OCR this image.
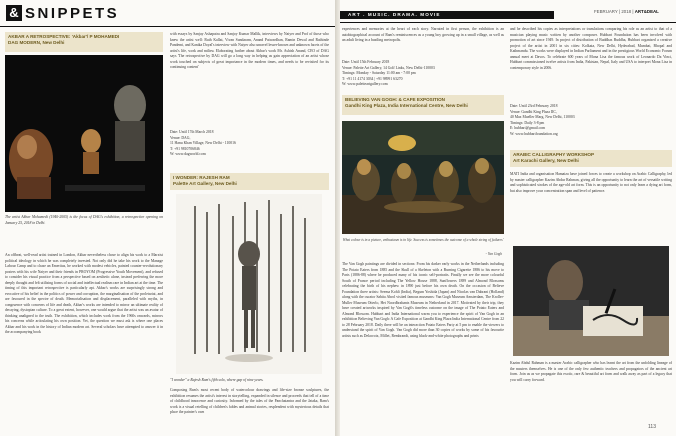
& SNIPPETS
AKBAR A RETROSPECTIVE: 'Akbar'/ P MOHAMEDI
DAG MODERN, New Delhi
The artist Akbar Mohamedi (1940-2005) is the focus of DAG's exhibition, a retrospective opening on January 25, 2018 in Delhi.
An offbeat, well-read artist trained in London, Akbar nevertheless chose to align his work to a Marxist political ideology in which he was completely invested. Not only did he take his work to the Manage Labour Camp and to chase an Emeritus, he worked with modest vehicles, painted counter-revolutionary posters with his wife Naiyer and their friends in PROYOM (Progressive Youth Movement), and refused to consider his visual practice from a perspective based on aesthetic alone, instead preferring the more deeply thought and felt utilising forms of social and intellectual realism rare in Indian art at the time. The timing of this important retrospective is particularly apt. Akbar's works are surprisingly strong and evocative of his belief in the politics of power and corruption, the marginalisation of the proletariat, and are favoured in the spectre of death. Memorialisation and displacement, paralleled with myths, in congruence with concerns of life and death, Akbar's works are intended to mirror an ultimate reality of decaying, dystopian culture. To a great extent, however, one would argue that the artist was an avatar of thinking unaligned to the truth. The exhibition, which includes work from the 1960s onwards, mirrors his concerns while articulating his own position. Yet, the question we must ask is where one places Akbar and his work in the history of Indian modern art. Several scholars have attempted to answer it in the accompanying book
with essays by Sanjay Ashapatra and Sanjoy Kumar Mallik, interviews by Naiyer and Prof of those who knew the artist well: Ruth Kallat, Vivan Sundaram, Anand Patwardhan, Ramin Dewal and Rathinde Pandemi, and Kanika Doyal's interview with Naiyer also unravel lesser-known and unknown facets of the artist's life, work and milieu. Elaborating further about Akbar's work Mr. Ashish Anand, CEO of DAG says 'The retrospective by DAG will go a long way in helping us gain appreciation of an artist whose work touched on subjects of great importance in the modern times, and needs to be revisited for its continuing content'
Date: Until 17th March 2018
Venue: DAG,
11 Hanu Khan Village, New Delhi - 110016
T: +91 9810706846
W: www.dagworld.com
I WONDER: RAJESH RAM
Palette Art Gallery, New Delhi
"I wonder" a Rajesh Ram's fifth solo, where gap of nine years.
Composing Ram's most recent body of watercolour drawings and life-size bronze sculptures, the exhibition resumes the artist's interest in storytelling, expanded in silence and proceeds that tell of a time of childhood innocence and curiosity. Informed by the tales of the Panchatantra and the Jataka, Ram's work is a visual retelling of children's fables and animal stories, resplendent with mysterious details that place the painter's own
ART . MUSIC. DRAMA. MOVIE
FEBRUARY | 2018 | ART&DEAL
experiences and memories at the heart of each story. Narrated in first person, the exhibition is an autobiographical account of Ram's reminiscences as a young boy growing up in a small village, as well as an adult living in a bustling metropolis.
Date: Until 15th February 2018
Venue: Palette Art Gallery, 14 Golf Links, New Delhi-110003
Timings: Monday - Saturday 11:00 am - 7:00 pm
T: +91 11 4174 3034 | +91 98991 63270
W: www.paletteartgallery.com
BELIEVING VAN GOGH: & CAFE EXPOSITION
Gandhi King Plaza, India International Centre, New Delhi
What colour is in a picture, enthusiasm is in life. Success is sometimes the outcome of a whole string of failures'
- Van Gogh
The Van Gogh paintings are divided in sections: From his darker early works in the Netherlands including The Potato Eaters from 1885 and the Skull of a Skeleton with a Burning Cigarette 1886 to his move to Paris (1886-88) where he produced many of his iconic self-portraits. Finally we see the more colourful South of France period including The Yellow House 1888, Sunflowers 1889 and Almond Blossoms celebrating the birth of his nephew in 1890 just before his own death. On the occasion of Believe Foundation three artists: Seema Kohli (India), Begum Yoshida (Japan) and Nicolas van Dabrani (Holland) along with the curator Sabita Abrol visited famous museums: Van Gogh Museum Amsterdam, The Kroller-Muller Museum Otterlo, Het Noordbrabants Museum in Netherland in 2017. Motivated by their trip, they have created artworks inspired by Van Gogh's timeless outcome on the image of The Potato Eaters and Almond Blossom. Hubbart and India International warm you to experience the spirit of Van Gogh in an exhibition Believing Van Gogh: A Cafe Exposition at Gandhi King Plaza India International Centre from 22 to 28 February 2018. Daily there will be an interaction Potato Eaters Party at 5 pm to enable the viewers to understand the spirit of Van Gogh. Van Gogh did more than 30 copies of works by some of his favourite artists such as Delacroix, Millet, Rembrandt, using black-and-white photographs and prints
and he described his copies as interpretations or translations comparing his role as an artist to that of a musician playing music written by another composer. Hubbart Foundation has been involved with promotion of art since 1949. In project of distribution of Buddhas Buddha, Hubbart organised a creative project of the artist in 2001 in six cities: Kolkata, New Delhi, Hyderabad, Mumbai, Bhopal and Kathmandu. The works were displayed in Indian Parliament and in the prestigious World Economic Forum annual meet at Davos. To celebrate 600 years of Mona Lisa the famous work of Leonardo Da Vinci, Hubbart commissioned twelve artists from India, Pakistan, Nepal, Italy and USA to interpret Mona Lisa in contemporary style in 2006.
Date: Until 23rd February 2018
Venue: Gandhi King Plaza IIC,
40 Max Mueller Marg, New Delhi, 110003
Timings: Daily 3-8 pm
E: hubbart@gmail.com
W: www.hubbartfoundation.org
ARABIC CALLIGRAPHY WORKSHOP
Art Karachi Gallery, New Delhi
MATI India and organisation Hamaiza have joined forces to create a workshop on Arabic Calligraphy, led by master calligrapher Kazim Abdur Rahman, giving all the opportunity to learn the art of versatile writing and sophisticated strokes of the age-old art form. This is an opportunity to not only learn a dying art form, but also improve your concentration span and level of patience.
Kazim Abdul Rahman is a master Arabic calligrapher who has learnt the art from the unfolding lineage of the masters themselves. He is one of the only few authentic teachers and propagators of the ancient art form. Join us as we propagate this exotic, rare & beautiful art form and walk away as part of a legacy that you will carry forward.
113
